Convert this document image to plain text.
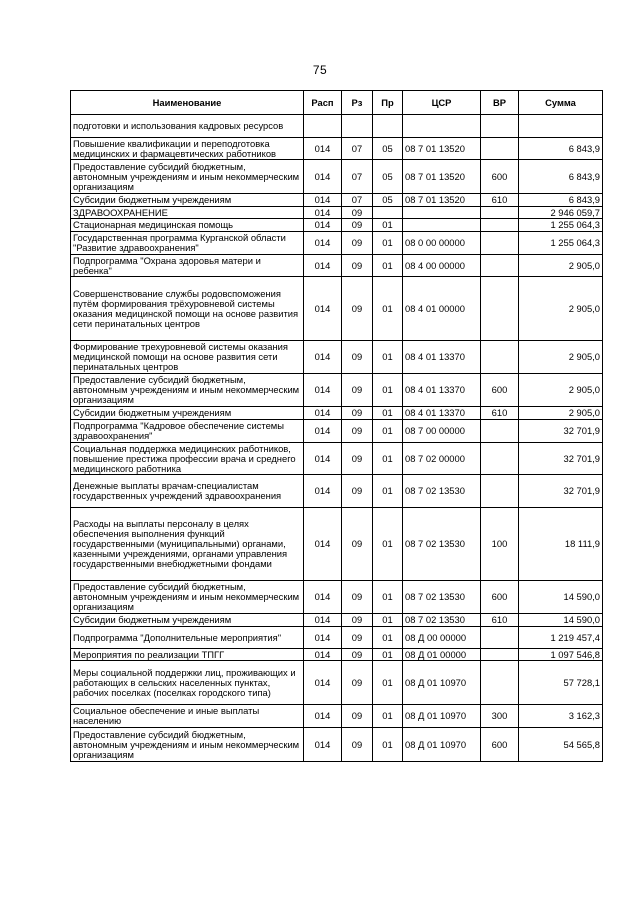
75
Наименование	Расп	Рз	Пр	ЦСР	ВР	Сумма
подготовки и использования кадровых ресурсов						
Повышение квалификации и переподготовка медицинских и фармацевтических работников	014	07	05	08 7 01 13520		6 843,9
Предоставление субсидий бюджетным, автономным учреждениям и иным некоммерческим организациям	014	07	05	08 7 01 13520	600	6 843,9
Субсидии бюджетным учреждениям	014	07	05	08 7 01 13520	610	6 843,9
ЗДРАВООХРАНЕНИЕ	014	09				2 946 059,7
Стационарная медицинская помощь	014	09	01			1 255 064,3
Государственная программа Курганской области "Развитие здравоохранения"	014	09	01	08 0 00 00000		1 255 064,3
Подпрограмма "Охрана здоровья матери и ребенка"	014	09	01	08 4 00 00000		2 905,0
Совершенствование службы родовспоможения путём формирования трёхуровневой системы оказания медицинской помощи на основе развития сети перинатальных центров	014	09	01	08 4 01 00000		2 905,0
Формирование трехуровневой системы оказания медицинской помощи на основе развития сети перинатальных центров	014	09	01	08 4 01 13370		2 905,0
Предоставление субсидий бюджетным, автономным учреждениям и иным некоммерческим организациям	014	09	01	08 4 01 13370	600	2 905,0
Субсидии бюджетным учреждениям	014	09	01	08 4 01 13370	610	2 905,0
Подпрограмма "Кадровое обеспечение системы здравоохранения"	014	09	01	08 7 00 00000		32 701,9
Социальная поддержка медицинских работников, повышение престижа профессии врача и среднего медицинского работника	014	09	01	08 7 02 00000		32 701,9
Денежные выплаты врачам-специалистам государственных учреждений здравоохранения	014	09	01	08 7 02 13530		32 701,9
Расходы на выплаты персоналу в целях обеспечения выполнения функций государственными (муниципальными) органами, казенными учреждениями, органами управления государственными внебюджетными фондами	014	09	01	08 7 02 13530	100	18 111,9
Предоставление субсидий бюджетным, автономным учреждениям и иным некоммерческим организациям	014	09	01	08 7 02 13530	600	14 590,0
Субсидии бюджетным учреждениям	014	09	01	08 7 02 13530	610	14 590,0
Подпрограмма "Дополнительные мероприятия"	014	09	01	08 Д 00 00000		1 219 457,4
Мероприятия по реализации ТПГГ	014	09	01	08 Д 01 00000		1 097 546,8
Меры социальной поддержки лиц, проживающих и работающих в сельских населенных пунктах, рабочих поселках (поселках городского типа)	014	09	01	08 Д 01 10970		57 728,1
Социальное обеспечение и иные выплаты населению	014	09	01	08 Д 01 10970	300	3 162,3
Предоставление субсидий бюджетным, автономным учреждениям и иным некоммерческим организациям	014	09	01	08 Д 01 10970	600	54 565,8
